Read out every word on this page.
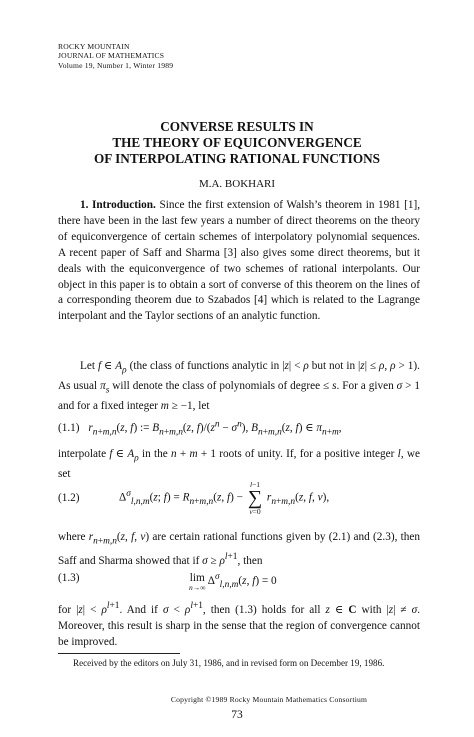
ROCKY MOUNTAIN
JOURNAL OF MATHEMATICS
Volume 19, Number 1, Winter 1989
CONVERSE RESULTS IN
THE THEORY OF EQUICONVERGENCE
OF INTERPOLATING RATIONAL FUNCTIONS
M.A. BOKHARI
1. Introduction. Since the first extension of Walsh’s theorem in 1981 [1], there have been in the last few years a number of direct theorems on the theory of equiconvergence of certain schemes of interpolatory polynomial sequences. A recent paper of Saff and Sharma [3] also gives some direct theorems, but it deals with the equiconvergence of two schemes of rational interpolants. Our object in this paper is to obtain a sort of converse of this theorem on the lines of a corresponding theorem due to Szabados [4] which is related to the Lagrange interpolant and the Taylor sections of an analytic function.
Let f ∈ $A_\rho$ (the class of functions analytic in |z| < ρ but not in |z| ≤ ρ, ρ > 1). As usual $\pi_s$ will denote the class of polynomials of degree ≤ s. For a given σ > 1 and for a fixed integer m ≥ −1, let
(1.1) $r_{n+m,n}(z$, f) := $B_{n+m,n}(z$, $f)/(z^n - \sigma^n)$, $B_{n+m,n}(z$, f) ∈ $\pi_{n+m}$,
interpolate f ∈ $A_\rho$ in the n + m + 1 roots of unity. If, for a positive integer l, we set
(1.2)	$\Delta^\sigma_{l,n,m}(z$; $f) = R_{n+m,n}(z$, f) −
l−1
∑
ν=0
$r_{n+m,n}(z$, f, ν),
where $r_{n+m,n}(z$, f, ν) are certain rational functions given by (2.1) and (2.3), then Saff and Sharma showed that if $\sigma \ge \rho^{l+1}$, then
(1.3)	lim
n→∞
$\Delta^\sigma_{l,n,m}(z$, f) = 0
for $|z| < \rho^{l+1}$. And if $\sigma < \rho^{l+1}$, then (1.3) holds for all z ∈ C with |z| ≠ σ. Moreover, this result is sharp in the sense that the region of convergence cannot be improved.
Received by the editors on July 31, 1986, and in revised form on December 19, 1986.
Copyright ©1989 Rocky Mountain Mathematics Consortium
73
